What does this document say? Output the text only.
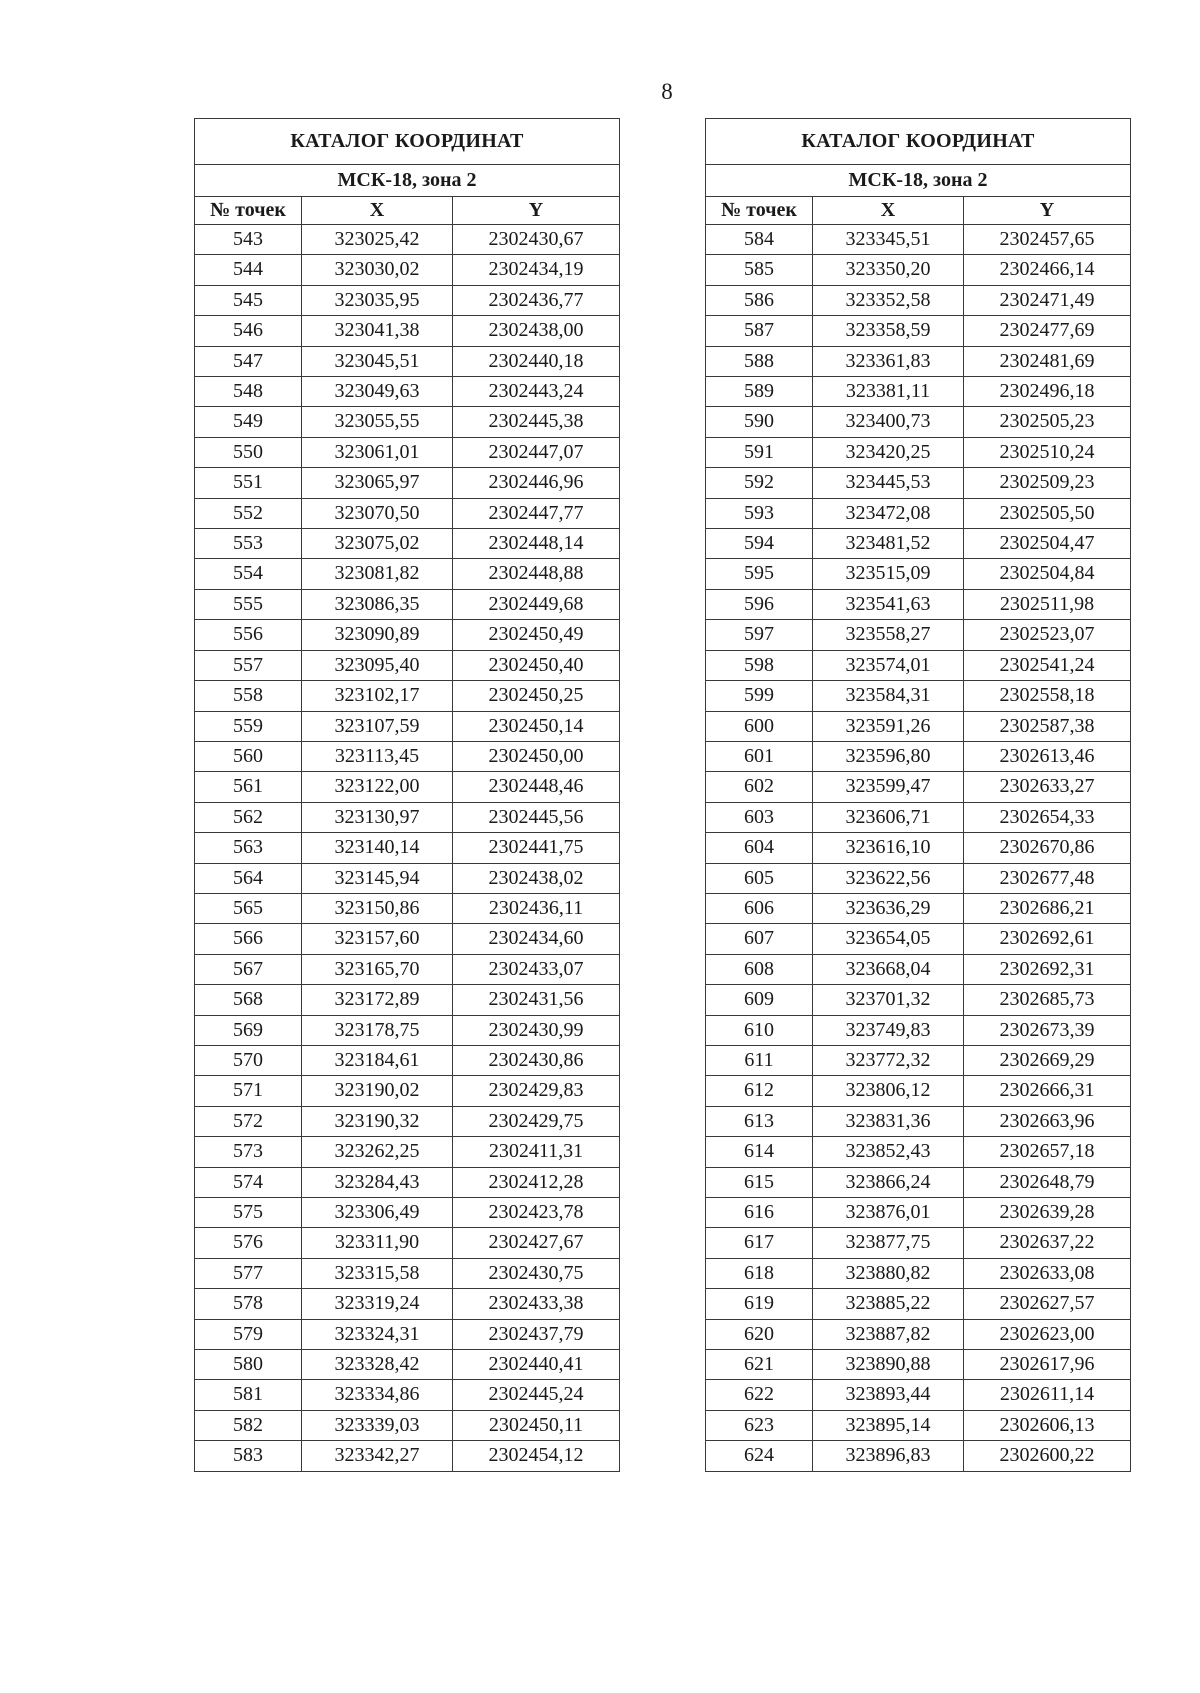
8
КАТАЛОГ КООРДИНАТ		
МСК-18, зона 2		
№ точек	X	Y
543	323025,42	2302430,67
544	323030,02	2302434,19
545	323035,95	2302436,77
546	323041,38	2302438,00
547	323045,51	2302440,18
548	323049,63	2302443,24
549	323055,55	2302445,38
550	323061,01	2302447,07
551	323065,97	2302446,96
552	323070,50	2302447,77
553	323075,02	2302448,14
554	323081,82	2302448,88
555	323086,35	2302449,68
556	323090,89	2302450,49
557	323095,40	2302450,40
558	323102,17	2302450,25
559	323107,59	2302450,14
560	323113,45	2302450,00
561	323122,00	2302448,46
562	323130,97	2302445,56
563	323140,14	2302441,75
564	323145,94	2302438,02
565	323150,86	2302436,11
566	323157,60	2302434,60
567	323165,70	2302433,07
568	323172,89	2302431,56
569	323178,75	2302430,99
570	323184,61	2302430,86
571	323190,02	2302429,83
572	323190,32	2302429,75
573	323262,25	2302411,31
574	323284,43	2302412,28
575	323306,49	2302423,78
576	323311,90	2302427,67
577	323315,58	2302430,75
578	323319,24	2302433,38
579	323324,31	2302437,79
580	323328,42	2302440,41
581	323334,86	2302445,24
582	323339,03	2302450,11
583	323342,27	2302454,12
КАТАЛОГ КООРДИНАТ		
МСК-18, зона 2		
№ точек	X	Y
584	323345,51	2302457,65
585	323350,20	2302466,14
586	323352,58	2302471,49
587	323358,59	2302477,69
588	323361,83	2302481,69
589	323381,11	2302496,18
590	323400,73	2302505,23
591	323420,25	2302510,24
592	323445,53	2302509,23
593	323472,08	2302505,50
594	323481,52	2302504,47
595	323515,09	2302504,84
596	323541,63	2302511,98
597	323558,27	2302523,07
598	323574,01	2302541,24
599	323584,31	2302558,18
600	323591,26	2302587,38
601	323596,80	2302613,46
602	323599,47	2302633,27
603	323606,71	2302654,33
604	323616,10	2302670,86
605	323622,56	2302677,48
606	323636,29	2302686,21
607	323654,05	2302692,61
608	323668,04	2302692,31
609	323701,32	2302685,73
610	323749,83	2302673,39
611	323772,32	2302669,29
612	323806,12	2302666,31
613	323831,36	2302663,96
614	323852,43	2302657,18
615	323866,24	2302648,79
616	323876,01	2302639,28
617	323877,75	2302637,22
618	323880,82	2302633,08
619	323885,22	2302627,57
620	323887,82	2302623,00
621	323890,88	2302617,96
622	323893,44	2302611,14
623	323895,14	2302606,13
624	323896,83	2302600,22
